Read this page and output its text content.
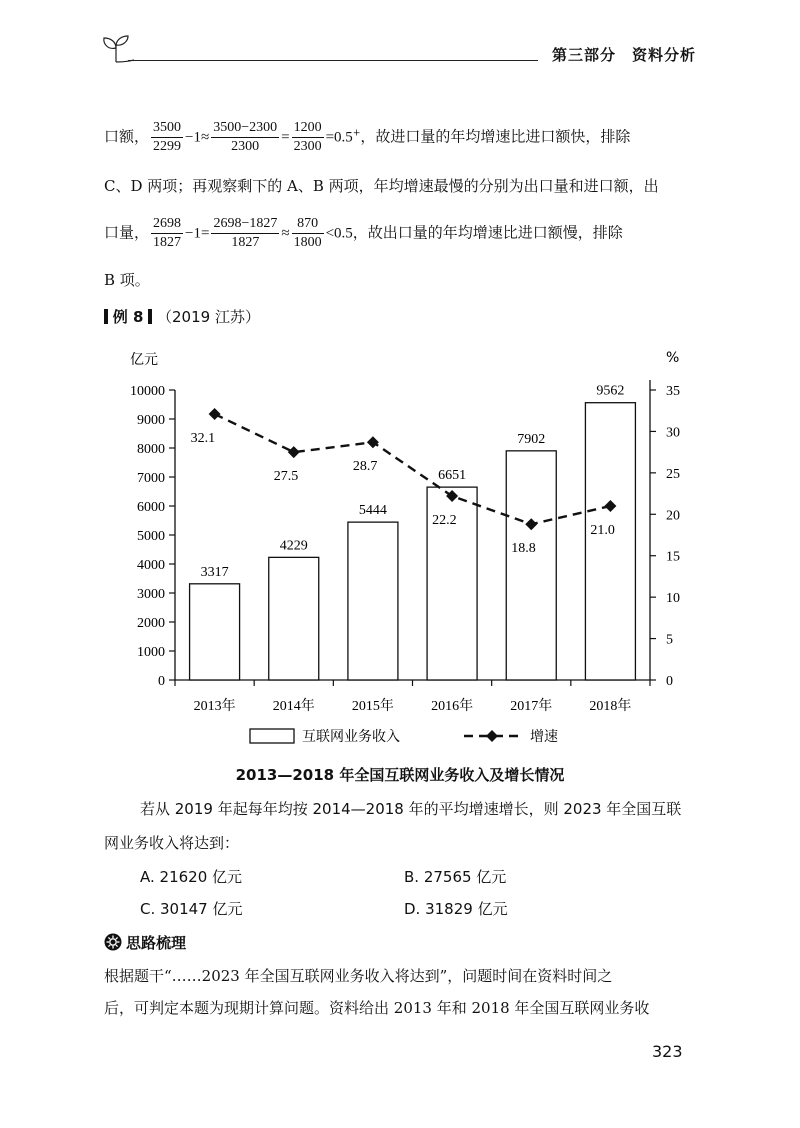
第三部分　资料分析
口额， $\frac{3500}{2299} -1\approx \frac{3500-2300}{2300} = \frac{1200}{2300} =0.5^+$，故进口量的年均增速比进口额快，排除
C、D 两项；再观察剩下的 A、B 两项，年均增速最慢的分别为出口量和进口额，出
口量， $\frac{2698}{1827} -1= \frac{2698-1827}{1827} \approx \frac{870}{1800} <0.5$，故出口量的年均增速比进口额慢，排除
B 项。
例 8 （2019 江苏）
0
1000
2000
3000
4000
5000
6000
7000
8000
9000
10000
0
5
10
15
20
25
30
35
亿元	%
2013年	2014年	2015年	2016年	2017年	2018年
3317
4229
5444
6651
7902
9562
32.1
27.5
28.7
22.2
18.8
21.0
互联网业务收入	增速
2013—2018 年全国互联网业务收入及增长情况
若从 2019 年起每年均按 2014—2018 年的平均增速增长，则 2023 年全国互联
网业务收入将达到：
A. 21620 亿元	B. 27565 亿元
C. 30147 亿元	D. 31829 亿元
思路梳理
根据题干“……2023 年全国互联网业务收入将达到”，问题时间在资料时间之
后，可判定本题为现期计算问题。资料给出 2013 年和 2018 年全国互联网业务收
323
